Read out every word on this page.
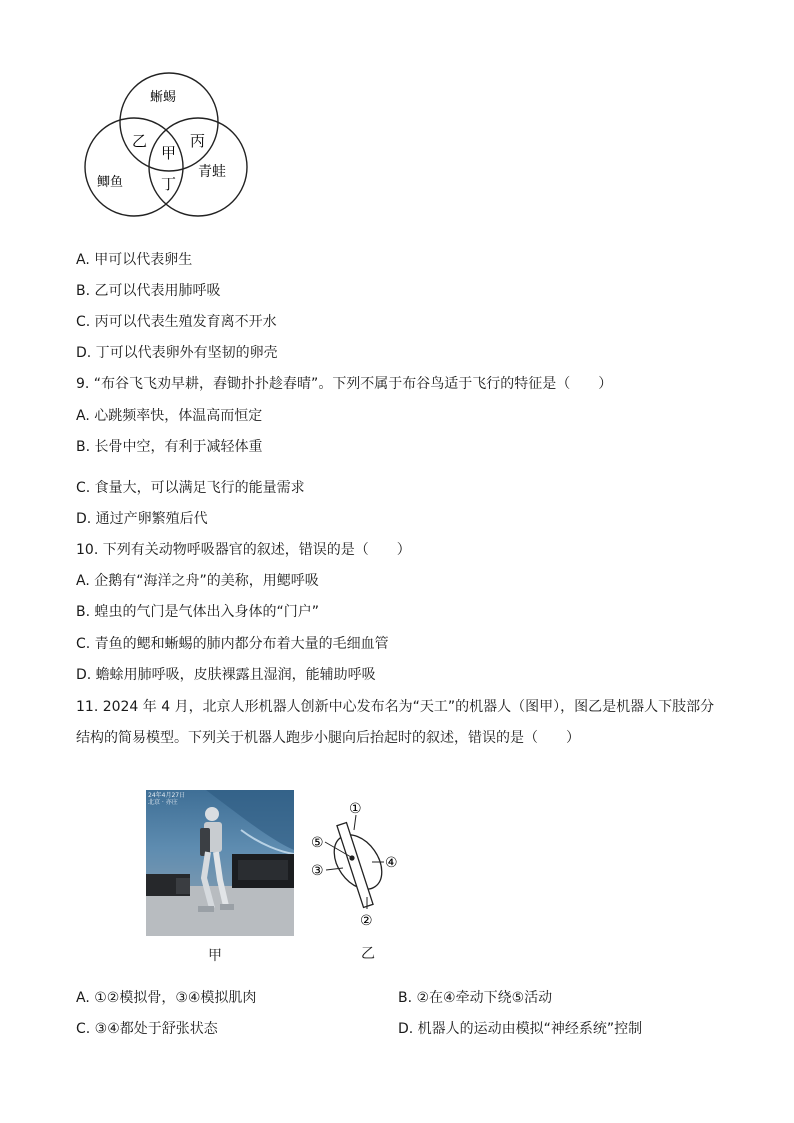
蜥蜴
鲫鱼
青蛙
甲
乙	丙
丁
A. 甲可以代表卵生
B. 乙可以代表用肺呼吸
C. 丙可以代表生殖发育离不开水
D. 丁可以代表卵外有坚韧的卵壳
9. “布谷飞飞劝早耕，舂锄扑扑趁春晴”。下列不属于布谷鸟适于飞行的特征是（　　）
A. 心跳频率快，体温高而恒定
B. 长骨中空，有利于减轻体重
C. 食量大，可以满足飞行的能量需求
D. 通过产卵繁殖后代
10. 下列有关动物呼吸器官的叙述，错误的是（　　）
A. 企鹅有“海洋之舟”的美称，用鳃呼吸
B. 蝗虫的气门是气体出入身体的“门户”
C. 青鱼的鳃和蜥蜴的肺内都分布着大量的毛细血管
D. 蟾蜍用肺呼吸，皮肤裸露且湿润，能辅助呼吸
11. 2024 年 4 月，北京人形机器人创新中心发布名为“天工”的机器人（图甲），图乙是机器人下肢部分
结构的简易模型。下列关于机器人跑步小腿向后抬起时的叙述，错误的是（　　）
24年4月27日
北京 · 亦庄
甲
①
⑤
③	④
②
乙
A. ①②模拟骨，③④模拟肌肉	B. ②在④牵动下绕⑤活动
C. ③④都处于舒张状态	D. 机器人的运动由模拟“神经系统”控制
